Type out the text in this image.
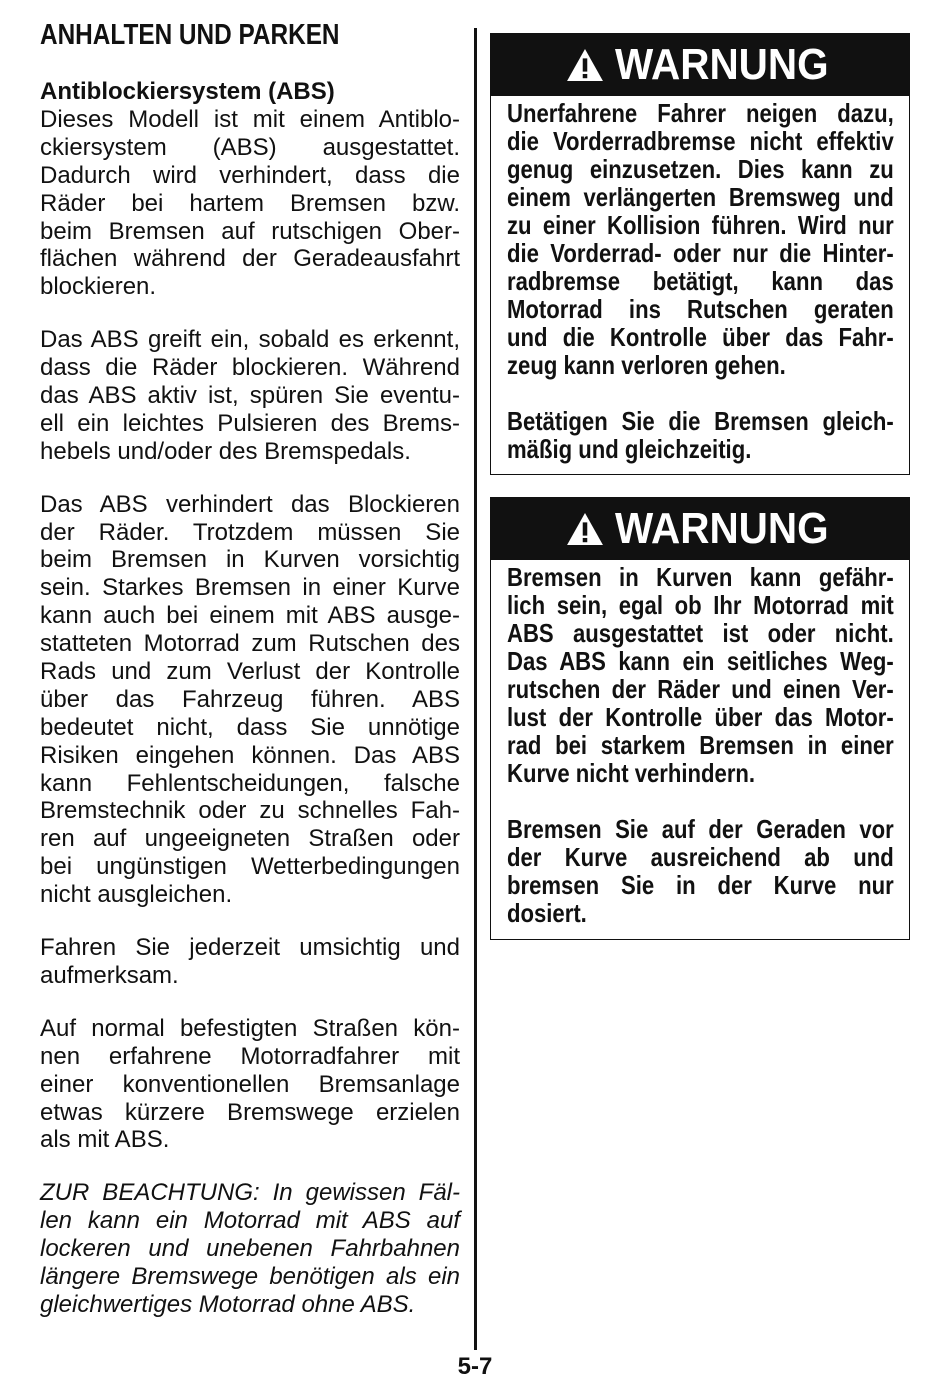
ANHALTEN UND PARKEN
Antiblockiersystem (ABS)
Dieses Modell ist mit einem Antiblo-
ckiersystem (ABS) ausgestattet.
Dadurch wird verhindert, dass die
Räder bei hartem Bremsen bzw.
beim Bremsen auf rutschigen Ober-
flächen während der Geradeausfahrt
blockieren.
Das ABS greift ein, sobald es erkennt,
dass die Räder blockieren. Während
das ABS aktiv ist, spüren Sie eventu-
ell ein leichtes Pulsieren des Brems-
hebels und/oder des Bremspedals.
Das ABS verhindert das Blockieren
der Räder. Trotzdem müssen Sie
beim Bremsen in Kurven vorsichtig
sein. Starkes Bremsen in einer Kurve
kann auch bei einem mit ABS ausge-
statteten Motorrad zum Rutschen des
Rads und zum Verlust der Kontrolle
über das Fahrzeug führen. ABS
bedeutet nicht, dass Sie unnötige
Risiken eingehen können. Das ABS
kann Fehlentscheidungen, falsche
Bremstechnik oder zu schnelles Fah-
ren auf ungeeigneten Straßen oder
bei ungünstigen Wetterbedingungen
nicht ausgleichen.
Fahren Sie jederzeit umsichtig und
aufmerksam.
Auf normal befestigten Straßen kön-
nen erfahrene Motorradfahrer mit
einer konventionellen Bremsanlage
etwas kürzere Bremswege erzielen
als mit ABS.
ZUR BEACHTUNG: In gewissen Fäl-
len kann ein Motorrad mit ABS auf
lockeren und unebenen Fahrbahnen
längere Bremswege benötigen als ein
gleichwertiges Motorrad ohne ABS.
WARNUNG
Unerfahrene Fahrer neigen dazu,
die Vorderradbremse nicht effektiv
genug einzusetzen. Dies kann zu
einem verlängerten Bremsweg und
zu einer Kollision führen. Wird nur
die Vorderrad- oder nur die Hinter-
radbremse betätigt, kann das
Motorrad ins Rutschen geraten
und die Kontrolle über das Fahr-
zeug kann verloren gehen.
Betätigen Sie die Bremsen gleich-
mäßig und gleichzeitig.
WARNUNG
Bremsen in Kurven kann gefähr-
lich sein, egal ob Ihr Motorrad mit
ABS ausgestattet ist oder nicht.
Das ABS kann ein seitliches Weg-
rutschen der Räder und einen Ver-
lust der Kontrolle über das Motor-
rad bei starkem Bremsen in einer
Kurve nicht verhindern.
Bremsen Sie auf der Geraden vor
der Kurve ausreichend ab und
bremsen Sie in der Kurve nur
dosiert.
5-7
